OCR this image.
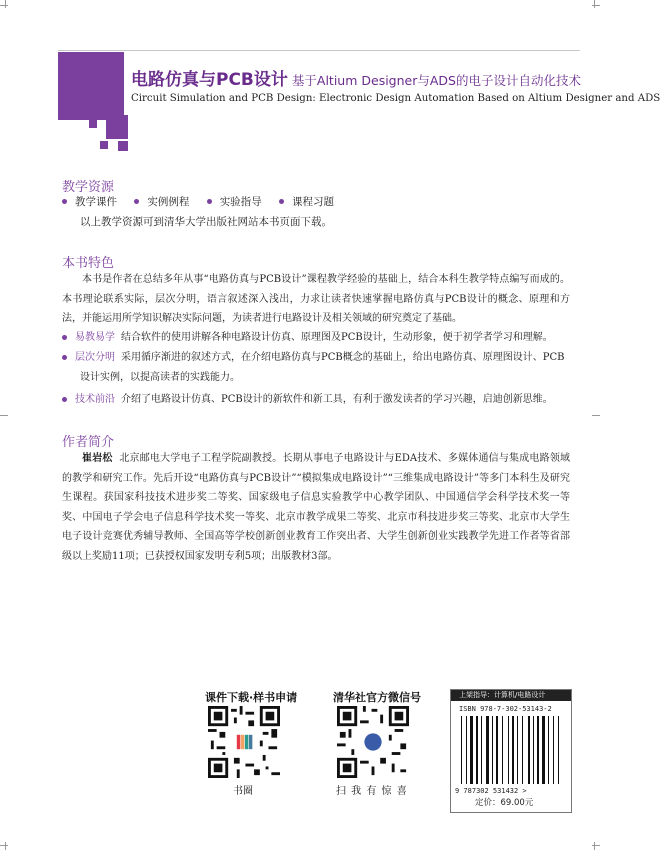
电路仿真与PCB设计 基于Altium Designer与ADS的电子设计自动化技术
Circuit Simulation and PCB Design: Electronic Design Automation Based on Altium Designer and ADS
教学资源
教学课件	实例例程	实验指导	课程习题
以上教学资源可到清华大学出版社网站本书页面下载。
本书特色
本书是作者在总结多年从事“电路仿真与PCB设计”课程教学经验的基础上，结合本科生教学特点编写而成的。本书理论联系实际，层次分明，语言叙述深入浅出，力求让读者快速掌握电路仿真与PCB设计的概念、原理和方法，并能运用所学知识解决实际问题，为读者进行电路设计及相关领域的研究奠定了基础。
易教易学 结合软件的使用讲解各种电路设计仿真、原理图及PCB设计，生动形象，便于初学者学习和理解。
层次分明 采用循序渐进的叙述方式，在介绍电路仿真与PCB概念的基础上，给出电路仿真、原理图设计、PCB设计实例，以提高读者的实践能力。
技术前沿 介绍了电路设计仿真、PCB设计的新软件和新工具，有利于激发读者的学习兴趣，启迪创新思维。
作者简介
崔岩松 北京邮电大学电子工程学院副教授。长期从事电子电路设计与EDA技术、多媒体通信与集成电路领域的教学和研究工作。先后开设“电路仿真与PCB设计”“模拟集成电路设计”“三维集成电路设计”等多门本科生及研究生课程。获国家科技技术进步奖二等奖、国家级电子信息实验教学中心教学团队、中国通信学会科学技术奖一等奖、中国电子学会电子信息科学技术奖一等奖、北京市教学成果二等奖、北京市科技进步奖三等奖、北京市大学生电子设计竞赛优秀辅导教师、全国高等学校创新创业教育工作突出者、大学生创新创业实践教学先进工作者等省部级以上奖励11项；已获授权国家发明专利5项；出版教材3部。
课件下载·样书申请
书圈
清华社官方微信号
扫 我 有 惊 喜
上架指导：计算机/电路设计
ISBN 978-7-302-53143-2
9 787302 531432 >
定价：69.00元
